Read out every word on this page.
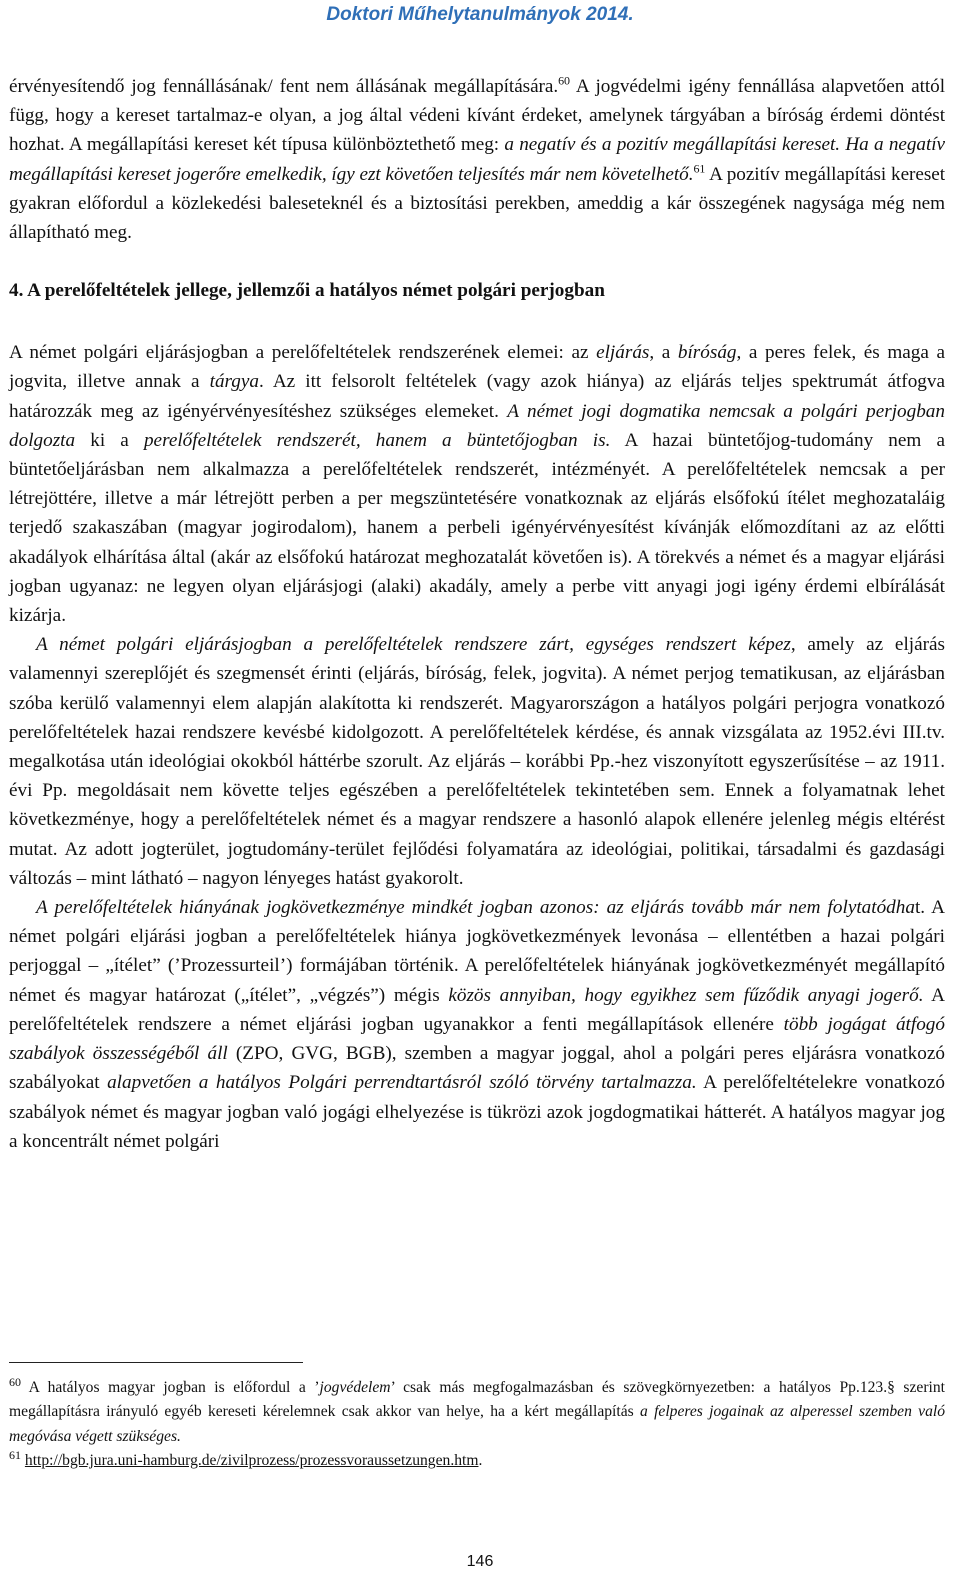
Doktori Műhelytanulmányok 2014.

érvényesítendő jog fennállásának/ fent nem állásának megállapítására.$^{60}$ A jogvédelmi igény fennállása alapvetően attól függ, hogy a kereset tartalmaz-e olyan, a jog által védeni kívánt érdeket, amelynek tárgyában a bíróság érdemi döntést hozhat. A megállapítási kereset két típusa különböztethető meg: a negatív és a pozitív megállapítási kereset. Ha a negatív megállapítási kereset jogerőre emelkedik, így ezt követően teljesítés már nem követelhető.$^{61}$ A pozitív megállapítási kereset gyakran előfordul a közlekedési baleseteknél és a biztosítási perekben, ameddig a kár összegének nagysága még nem állapítható meg.

4. A perelőfeltételek jellege, jellemzői a hatályos német polgári perjogban

A német polgári eljárásjogban a perelőfeltételek rendszerének elemei: az eljárás, a bíróság, a peres felek, és maga a jogvita, illetve annak a tárgya. Az itt felsorolt feltételek (vagy azok hiánya) az eljárás teljes spektrumát átfogva határozzák meg az igényérvényesítéshez szükséges elemeket. A német jogi dogmatika nemcsak a polgári perjogban dolgozta ki a perelőfeltételek rendszerét, hanem a büntetőjogban is. A hazai büntetőjog-tudomány nem a büntetőeljárásban nem alkalmazza a perelőfeltételek rendszerét, intézményét. A perelőfeltételek nemcsak a per létrejöttére, illetve a már létrejött perben a per megszüntetésére vonatkoznak az eljárás elsőfokú ítélet meghozataláig terjedő szakaszában (magyar jogirodalom), hanem a perbeli igényérvényesítést kívánják előmozdítani az az előtti akadályok elhárítása által (akár az elsőfokú határozat meghozatalát követően is). A törekvés a német és a magyar eljárási jogban ugyanaz: ne legyen olyan eljárásjogi (alaki) akadály, amely a perbe vitt anyagi jogi igény érdemi elbírálását kizárja.

A német polgári eljárásjogban a perelőfeltételek rendszere zárt, egységes rendszert képez, amely az eljárás valamennyi szereplőjét és szegmensét érinti (eljárás, bíróság, felek, jogvita). A német perjog tematikusan, az eljárásban szóba kerülő valamennyi elem alapján alakította ki rendszerét. Magyarországon a hatályos polgári perjogra vonatkozó perelőfeltételek hazai rendszere kevésbé kidolgozott. A perelőfeltételek kérdése, és annak vizsgálata az 1952.évi III.tv. megalkotása után ideológiai okokból háttérbe szorult. Az eljárás – korábbi Pp.-hez viszonyított egyszerűsítése – az 1911. évi Pp. megoldásait nem követte teljes egészében a perelőfeltételek tekintetében sem. Ennek a folyamatnak lehet következménye, hogy a perelőfeltételek német és a magyar rendszere a hasonló alapok ellenére jelenleg mégis eltérést mutat. Az adott jogterület, jogtudomány-terület fejlődési folyamatára az ideológiai, politikai, társadalmi és gazdasági változás – mint látható – nagyon lényeges hatást gyakorolt.

A perelőfeltételek hiányának jogkövetkezménye mindkét jogban azonos: az eljárás tovább már nem folytatódhat. A német polgári eljárási jogban a perelőfeltételek hiánya jogkövetkezmények levonása – ellentétben a hazai polgári perjoggal – „ítélet” (’Prozessurteil’) formájában történik. A perelőfeltételek hiányának jogkövetkezményét megállapító német és magyar határozat („ítélet”, „végzés”) mégis közös annyiban, hogy egyikhez sem fűződik anyagi jogerő. A perelőfeltételek rendszere a német eljárási jogban ugyanakkor a fenti megállapítások ellenére több jogágat átfogó szabályok összességéből áll (ZPO, GVG, BGB), szemben a magyar joggal, ahol a polgári peres eljárásra vonatkozó szabályokat alapvetően a hatályos Polgári perrendtartásról szóló törvény tartalmazza. A perelőfeltételekre vonatkozó szabályok német és magyar jogban való jogági elhelyezése is tükrözi azok jogdogmatikai hátterét. A hatályos magyar jog a koncentrált német polgári

$^{60}$ A hatályos magyar jogban is előfordul a ’jogvédelem’ csak más megfogalmazásban és szövegkörnyezetben: a hatályos Pp.123.§ szerint megállapításra irányuló egyéb kereseti kérelemnek csak akkor van helye, ha a kért megállapítás a felperes jogainak az alperessel szemben való megóvása végett szükséges.

$^{61}$ http://bgb.jura.uni-hamburg.de/zivilprozess/prozessvoraussetzungen.htm.

146
